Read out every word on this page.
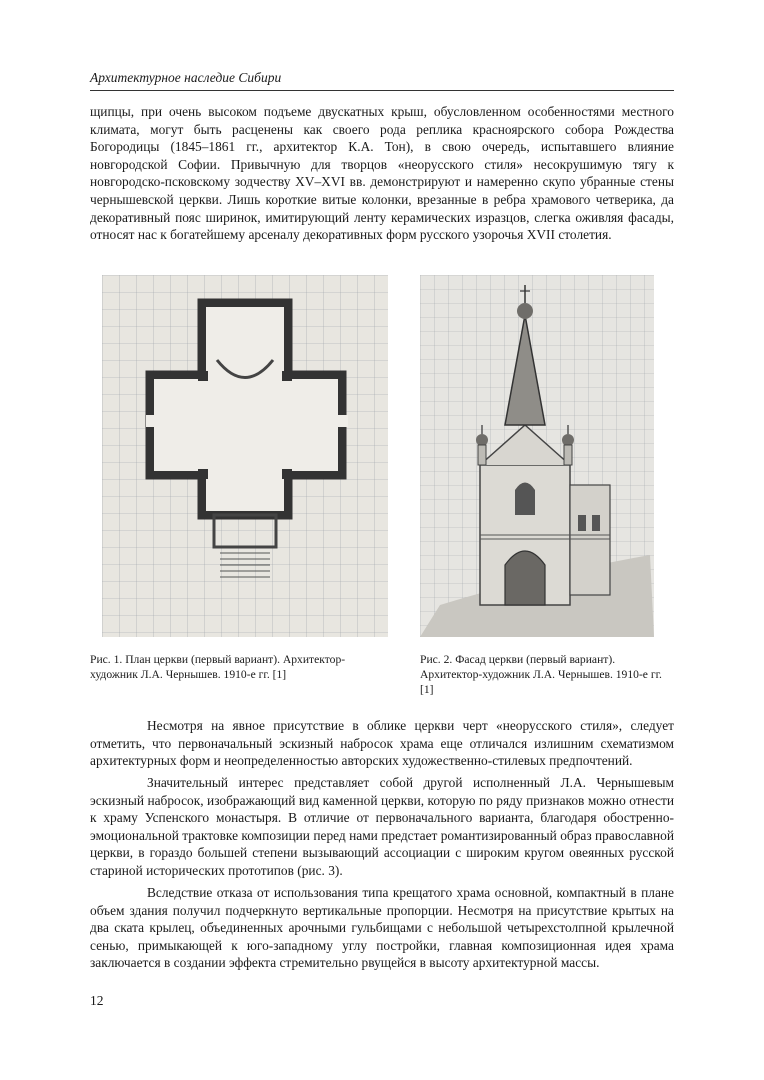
Архитектурное наследие Сибири

щипцы, при очень высоком подъеме двускатных крыш, обусловленном особенностями местного климата, могут быть расценены как своего рода реплика красноярского собора Рождества Богородицы (1845–1861 гг., архитектор К.А. Тон), в свою очередь, испытавшего влияние новгородской Софии. Привычную для творцов «неорусского стиля» несокрушимую тягу к новгородско-псковскому зодчеству XV–XVI вв. демонстрируют и намеренно скупо убранные стены чернышевской церкви. Лишь короткие витые колонки, врезанные в ребра храмового четверика, да декоративный пояс ширинок, имитирующий ленту керамических изразцов, слегка оживляя фасады, относят нас к богатейшему арсеналу декоративных форм русского узорочья XVII столетия.

Рис. 1. План церкви (первый вариант). Архитектор-художник Л.А. Чернышев. 1910-е гг. [1]

Рис. 2. Фасад церкви (первый вариант). Архитектор-художник Л.А. Чернышев. 1910-е гг. [1]

Несмотря на явное присутствие в облике церкви черт «неорусского стиля», следует отметить, что первоначальный эскизный набросок храма еще отличался излишним схематизмом архитектурных форм и неопределенностью авторских художественно-стилевых предпочтений.

Значительный интерес представляет собой другой исполненный Л.А. Чернышевым эскизный набросок, изображающий вид каменной церкви, которую по ряду признаков можно отнести к храму Успенского монастыря. В отличие от первоначального варианта, благодаря обостренно-эмоциональной трактовке композиции перед нами предстает романтизированный образ православной церкви, в гораздо большей степени вызывающий ассоциации с широким кругом овеянных русской стариной исторических прототипов (рис. 3).

Вследствие отказа от использования типа крещатого храма основной, компактный в плане объем здания получил подчеркнуто вертикальные пропорции. Несмотря на присутствие крытых на два ската крылец, объединенных арочными гульбищами с небольшой четырехстолпной крылечной сенью, примыкающей к юго-западному углу постройки, главная композиционная идея храма заключается в создании эффекта стремительно рвущейся в высоту архитектурной массы.

12
